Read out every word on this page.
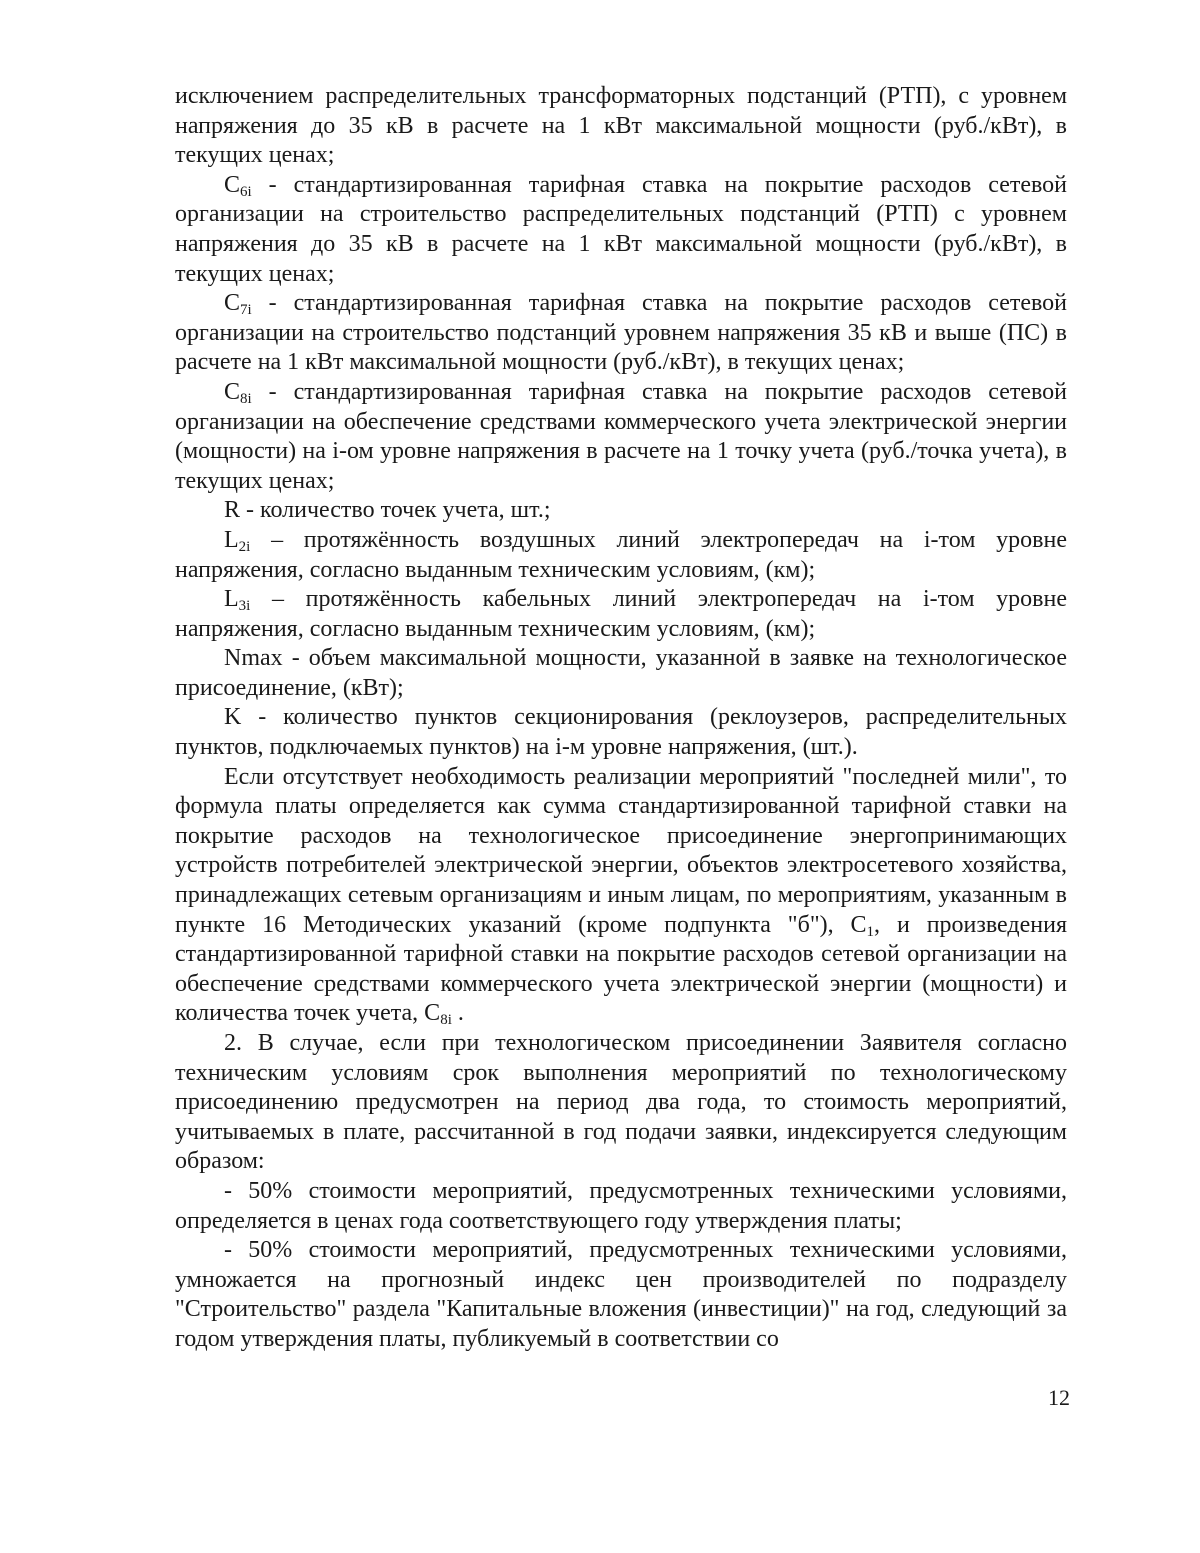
исключением распределительных трансформаторных подстанций (РТП), с уровнем напряжения до 35 кВ в расчете на 1 кВт максимальной мощности (руб./кВт), в текущих ценах;

$C_{6i}$ - стандартизированная тарифная ставка на покрытие расходов сетевой организации на строительство распределительных подстанций (РТП) с уровнем напряжения до 35 кВ в расчете на 1 кВт максимальной мощности (руб./кВт), в текущих ценах;

$C_{7i}$ - стандартизированная тарифная ставка на покрытие расходов сетевой организации на строительство подстанций уровнем напряжения 35 кВ и выше (ПС) в расчете на 1 кВт максимальной мощности (руб./кВт), в текущих ценах;

$C_{8i}$ - стандартизированная тарифная ставка на покрытие расходов сетевой организации на обеспечение средствами коммерческого учета электрической энергии (мощности) на i-ом уровне напряжения в расчете на 1 точку учета (руб./точка учета), в текущих ценах;

R - количество точек учета, шт.;

$L_{2i}$ – протяжённость воздушных линий электропередач на i-том уровне напряжения, согласно выданным техническим условиям, (км);

$L_{3i}$ – протяжённость кабельных линий электропередач на i-том уровне напряжения, согласно выданным техническим условиям, (км);

Nmax - объем максимальной мощности, указанной в заявке на технологическое присоединение, (кВт);

K - количество пунктов секционирования (реклоузеров, распределительных пунктов, подключаемых пунктов) на i-м уровне напряжения, (шт.).

Если отсутствует необходимость реализации мероприятий "последней мили", то формула платы определяется как сумма стандартизированной тарифной ставки на покрытие расходов на технологическое присоединение энергопринимающих устройств потребителей электрической энергии, объектов электросетевого хозяйства, принадлежащих сетевым организациям и иным лицам, по мероприятиям, указанным в пункте 16 Методических указаний (кроме подпункта "б"), $C_1$, и произведения стандартизированной тарифной ставки на покрытие расходов сетевой организации на обеспечение средствами коммерческого учета электрической энергии (мощности) и количества точек учета, $C_{8i}$ .

2. В случае, если при технологическом присоединении Заявителя согласно техническим условиям срок выполнения мероприятий по технологическому присоединению предусмотрен на период два года, то стоимость мероприятий, учитываемых в плате, рассчитанной в год подачи заявки, индексируется следующим образом:

- 50% стоимости мероприятий, предусмотренных техническими условиями, определяется в ценах года соответствующего году утверждения платы;

- 50% стоимости мероприятий, предусмотренных техническими условиями, умножается на прогнозный индекс цен производителей по подразделу "Строительство" раздела "Капитальные вложения (инвестиции)" на год, следующий за годом утверждения платы, публикуемый в соответствии со

12
